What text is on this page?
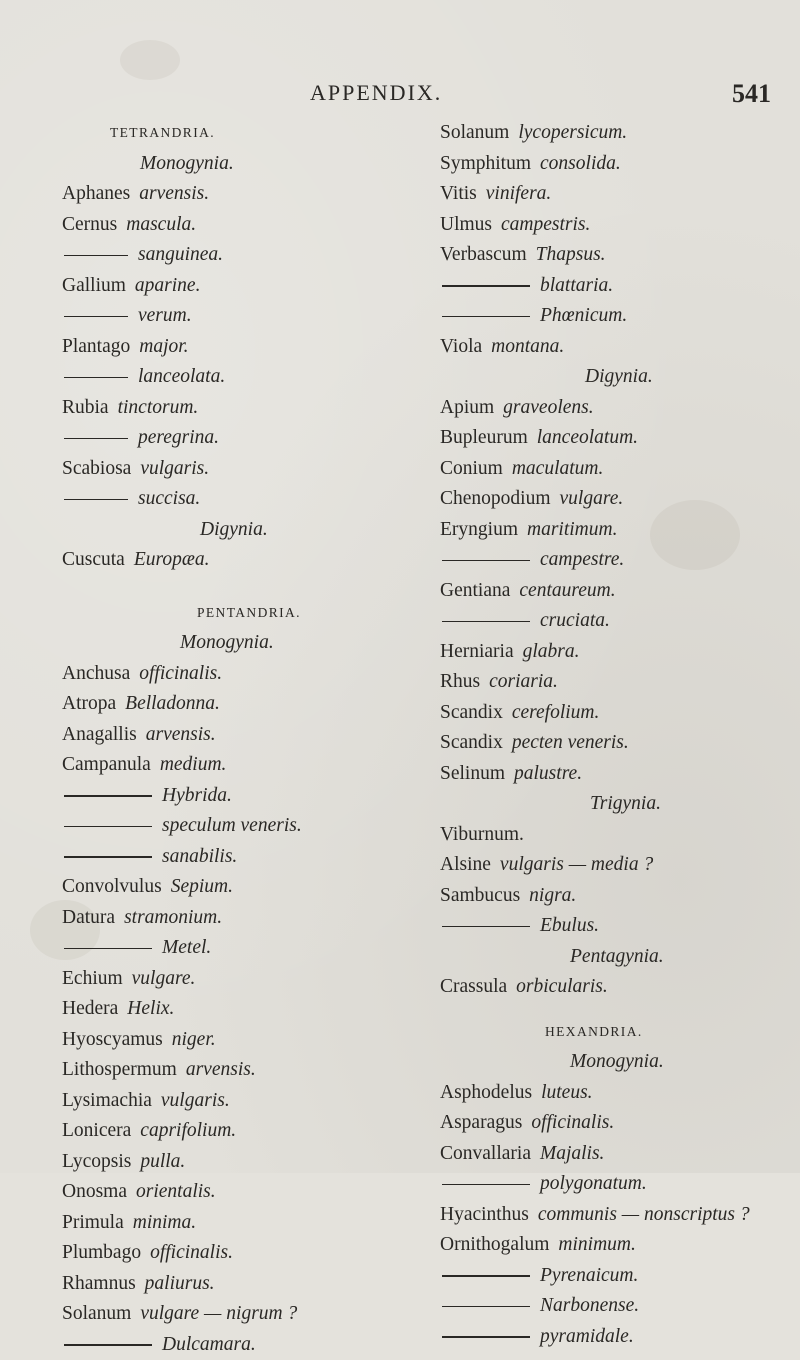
APPENDIX.	541
TETRANDRIA.
Monogynia.
Aphanes arvensis.
Cernus mascula.
sanguinea.
Gallium aparine.
verum.
Plantago major.
lanceolata.
Rubia tinctorum.
peregrina.
Scabiosa vulgaris.
succisa.
Digynia.
Cuscuta Europæa.
PENTANDRIA.
Monogynia.
Anchusa officinalis.
Atropa Belladonna.
Anagallis arvensis.
Campanula medium.
Hybrida.
speculum veneris.
sanabilis.
Convolvulus Sepium.
Datura stramonium.
Metel.
Echium vulgare.
Hedera Helix.
Hyoscyamus niger.
Lithospermum arvensis.
Lysimachia vulgaris.
Lonicera caprifolium.
Lycopsis pulla.
Onosma orientalis.
Primula minima.
Plumbago officinalis.
Rhamnus paliurus.
Solanum vulgare — nigrum ?
Dulcamara.
Solanum lycopersicum.
Symphitum consolida.
Vitis vinifera.
Ulmus campestris.
Verbascum Thapsus.
blattaria.
Phœnicum.
Viola montana.
Digynia.
Apium graveolens.
Bupleurum lanceolatum.
Conium maculatum.
Chenopodium vulgare.
Eryngium maritimum.
campestre.
Gentiana centaureum.
cruciata.
Herniaria glabra.
Rhus coriaria.
Scandix cerefolium.
Scandix pecten veneris.
Selinum palustre.
Trigynia.
Viburnum.
Alsine vulgaris — media ?
Sambucus nigra.
Ebulus.
Pentagynia.
Crassula orbicularis.
HEXANDRIA.
Monogynia.
Asphodelus luteus.
Asparagus officinalis.
Convallaria Majalis.
polygonatum.
Hyacinthus communis — nonscriptus ?
Ornithogalum minimum.
Pyrenaicum.
Narbonense.
pyramidale.
